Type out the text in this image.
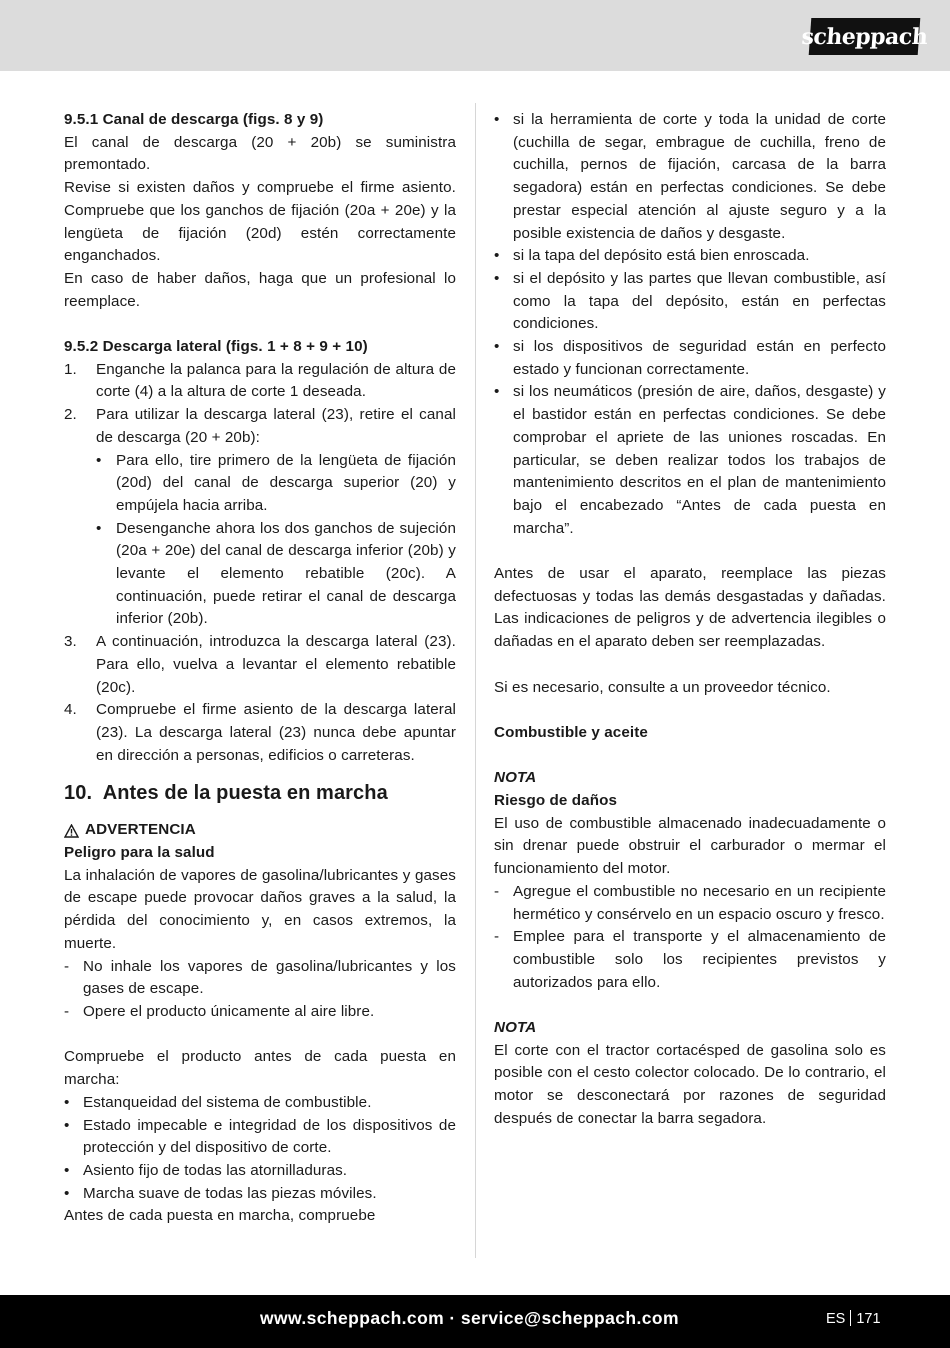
scheppach

9.5.1 Canal de descarga (figs. 8 y 9)

El canal de descarga (20 + 20b) se suministra premontado.

Revise si existen daños y compruebe el firme asiento. Compruebe que los ganchos de fijación (20a + 20e) y la lengüeta de fijación (20d) estén correctamente enganchados.

En caso de haber daños, haga que un profesional lo reemplace.

9.5.2 Descarga lateral (figs. 1 + 8 + 9 + 10)

1. Enganche la palanca para la regulación de altura de corte (4) a la altura de corte 1 deseada.
2. Para utilizar la descarga lateral (23), retire el canal de descarga (20 + 20b):
• Para ello, tire primero de la lengüeta de fijación (20d) del canal de descarga superior (20) y empújela hacia arriba.
• Desenganche ahora los dos ganchos de sujeción (20a + 20e) del canal de descarga inferior (20b) y levante el elemento rebatible (20c). A continuación, puede retirar el canal de descarga inferior (20b).
3. A continuación, introduzca la descarga lateral (23). Para ello, vuelva a levantar el elemento rebatible (20c).
4. Compruebe el firme asiento de la descarga lateral (23). La descarga lateral (23) nunca debe apuntar en dirección a personas, edificios o carreteras.

10. Antes de la puesta en marcha

ADVERTENCIA

Peligro para la salud

La inhalación de vapores de gasolina/lubricantes y gases de escape puede provocar daños graves a la salud, la pérdida del conocimiento y, en casos extremos, la muerte.

- No inhale los vapores de gasolina/lubricantes y los gases de escape.
- Opere el producto únicamente al aire libre.

Compruebe el producto antes de cada puesta en marcha:

• Estanqueidad del sistema de combustible.
• Estado impecable e integridad de los dispositivos de protección y del dispositivo de corte.
• Asiento fijo de todas las atornilladuras.
• Marcha suave de todas las piezas móviles.

Antes de cada puesta en marcha, compruebe

• si la herramienta de corte y toda la unidad de corte (cuchilla de segar, embrague de cuchilla, freno de cuchilla, pernos de fijación, carcasa de la barra segadora) están en perfectas condiciones. Se debe prestar especial atención al ajuste seguro y a la posible existencia de daños y desgaste.
• si la tapa del depósito está bien enroscada.
• si el depósito y las partes que llevan combustible, así como la tapa del depósito, están en perfectas condiciones.
• si los dispositivos de seguridad están en perfecto estado y funcionan correctamente.
• si los neumáticos (presión de aire, daños, desgaste) y el bastidor están en perfectas condiciones. Se debe comprobar el apriete de las uniones roscadas. En particular, se deben realizar todos los trabajos de mantenimiento descritos en el plan de mantenimiento bajo el encabezado “Antes de cada puesta en marcha”.

Antes de usar el aparato, reemplace las piezas defectuosas y todas las demás desgastadas y dañadas. Las indicaciones de peligros y de advertencia ilegibles o dañadas en el aparato deben ser reemplazadas.

Si es necesario, consulte a un proveedor técnico.

Combustible y aceite

NOTA

Riesgo de daños

El uso de combustible almacenado inadecuadamente o sin drenar puede obstruir el carburador o mermar el funcionamiento del motor.

- Agregue el combustible no necesario en un recipiente hermético y consérvelo en un espacio oscuro y fresco.
- Emplee para el transporte y el almacenamiento de combustible solo los recipientes previstos y autorizados para ello.

NOTA

El corte con el tractor cortacésped de gasolina solo es posible con el cesto colector colocado. De lo contrario, el motor se desconectará por razones de seguridad después de conectar la barra segadora.

www.scheppach.com · service@scheppach.com	ES 171
